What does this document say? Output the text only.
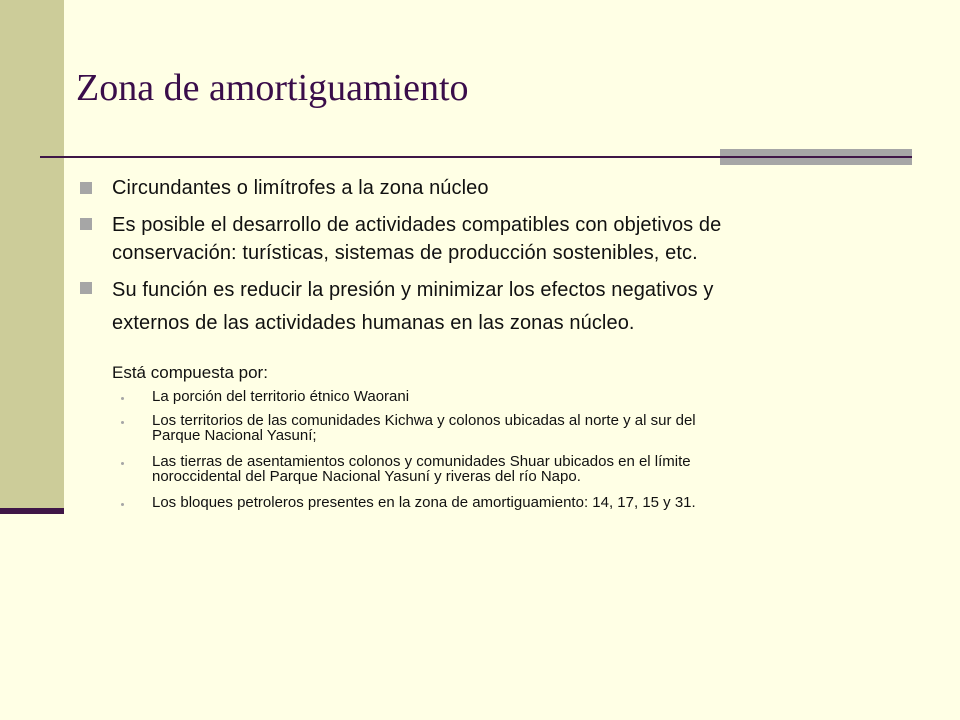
Zona de amortiguamiento
Circundantes o limítrofes a la zona núcleo
Es posible el desarrollo de actividades compatibles con objetivos de
conservación: turísticas, sistemas de producción sostenibles, etc.
Su función es reducir la presión y minimizar los efectos negativos y
externos de las actividades humanas en las zonas núcleo.
Está compuesta por:
La porción del territorio étnico Waorani
Los territorios de las comunidades Kichwa y colonos ubicadas al norte y al sur del
Parque Nacional Yasuní;
Las tierras de asentamientos colonos y comunidades Shuar ubicados en el límite
noroccidental del Parque Nacional Yasuní y riveras del río Napo.
Los bloques petroleros presentes en la zona de amortiguamiento: 14, 17, 15 y 31.
